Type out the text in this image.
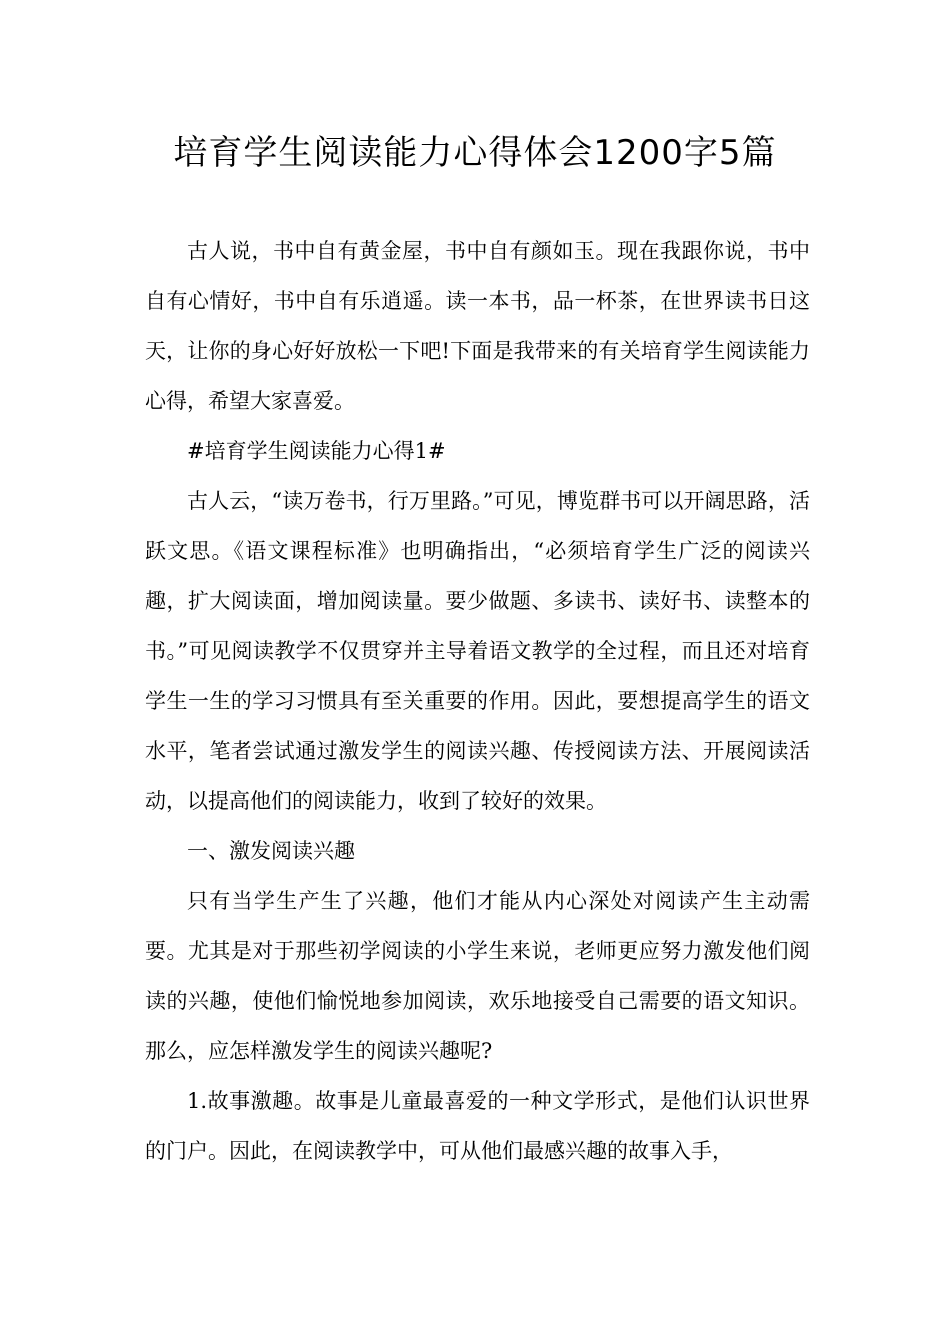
培育学生阅读能力心得体会1200字5篇

古人说，书中自有黄金屋，书中自有颜如玉。现在我跟你说，书中自有心情好，书中自有乐逍遥。读一本书，品一杯茶，在世界读书日这天，让你的身心好好放松一下吧!下面是我带来的有关培育学生阅读能力心得，希望大家喜爱。

#培育学生阅读能力心得1#

古人云，“读万卷书，行万里路。”可见，博览群书可以开阔思路，活跃文思。《语文课程标准》也明确指出，“必须培育学生广泛的阅读兴趣，扩大阅读面，增加阅读量。要少做题、多读书、读好书、读整本的书。”可见阅读教学不仅贯穿并主导着语文教学的全过程，而且还对培育学生一生的学习习惯具有至关重要的作用。因此，要想提高学生的语文水平，笔者尝试通过激发学生的阅读兴趣、传授阅读方法、开展阅读活动，以提高他们的阅读能力，收到了较好的效果。

一、激发阅读兴趣

只有当学生产生了兴趣，他们才能从内心深处对阅读产生主动需要。尤其是对于那些初学阅读的小学生来说，老师更应努力激发他们阅读的兴趣，使他们愉悦地参加阅读，欢乐地接受自己需要的语文知识。那么，应怎样激发学生的阅读兴趣呢?

1.故事激趣。故事是儿童最喜爱的一种文学形式，是他们认识世界的门户。因此，在阅读教学中，可从他们最感兴趣的故事入手，
